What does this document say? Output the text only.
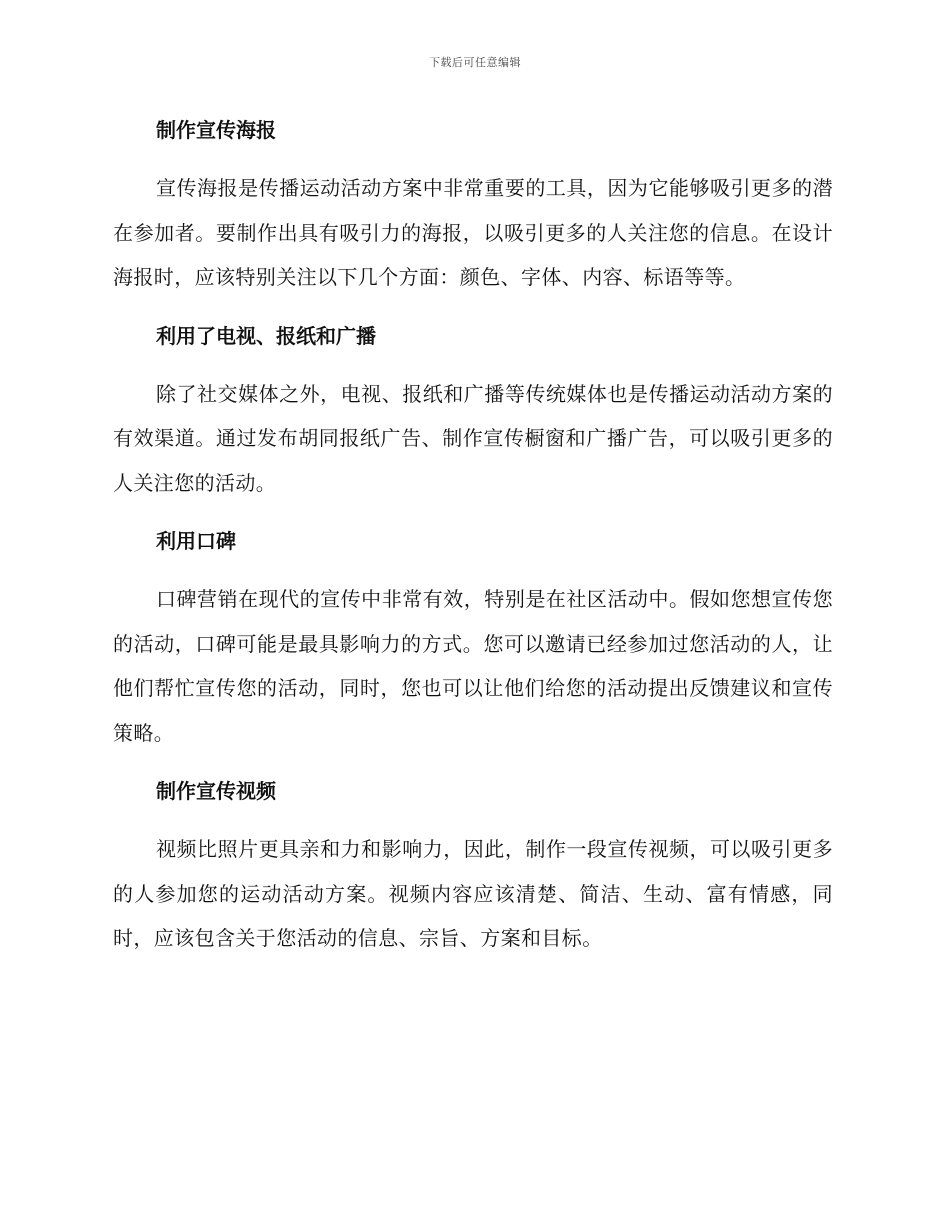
下载后可任意编辑
制作宣传海报

宣传海报是传播运动活动方案中非常重要的工具，因为它能够吸引更多的潜在参加者。要制作出具有吸引力的海报，以吸引更多的人关注您的信息。在设计海报时，应该特别关注以下几个方面：颜色、字体、内容、标语等等。

利用了电视、报纸和广播

除了社交媒体之外，电视、报纸和广播等传统媒体也是传播运动活动方案的有效渠道。通过发布胡同报纸广告、制作宣传橱窗和广播广告，可以吸引更多的人关注您的活动。

利用口碑

口碑营销在现代的宣传中非常有效，特别是在社区活动中。假如您想宣传您的活动，口碑可能是最具影响力的方式。您可以邀请已经参加过您活动的人，让他们帮忙宣传您的活动，同时，您也可以让他们给您的活动提出反馈建议和宣传策略。

制作宣传视频

视频比照片更具亲和力和影响力，因此，制作一段宣传视频，可以吸引更多的人参加您的运动活动方案。视频内容应该清楚、简洁、生动、富有情感，同时，应该包含关于您活动的信息、宗旨、方案和目标。
